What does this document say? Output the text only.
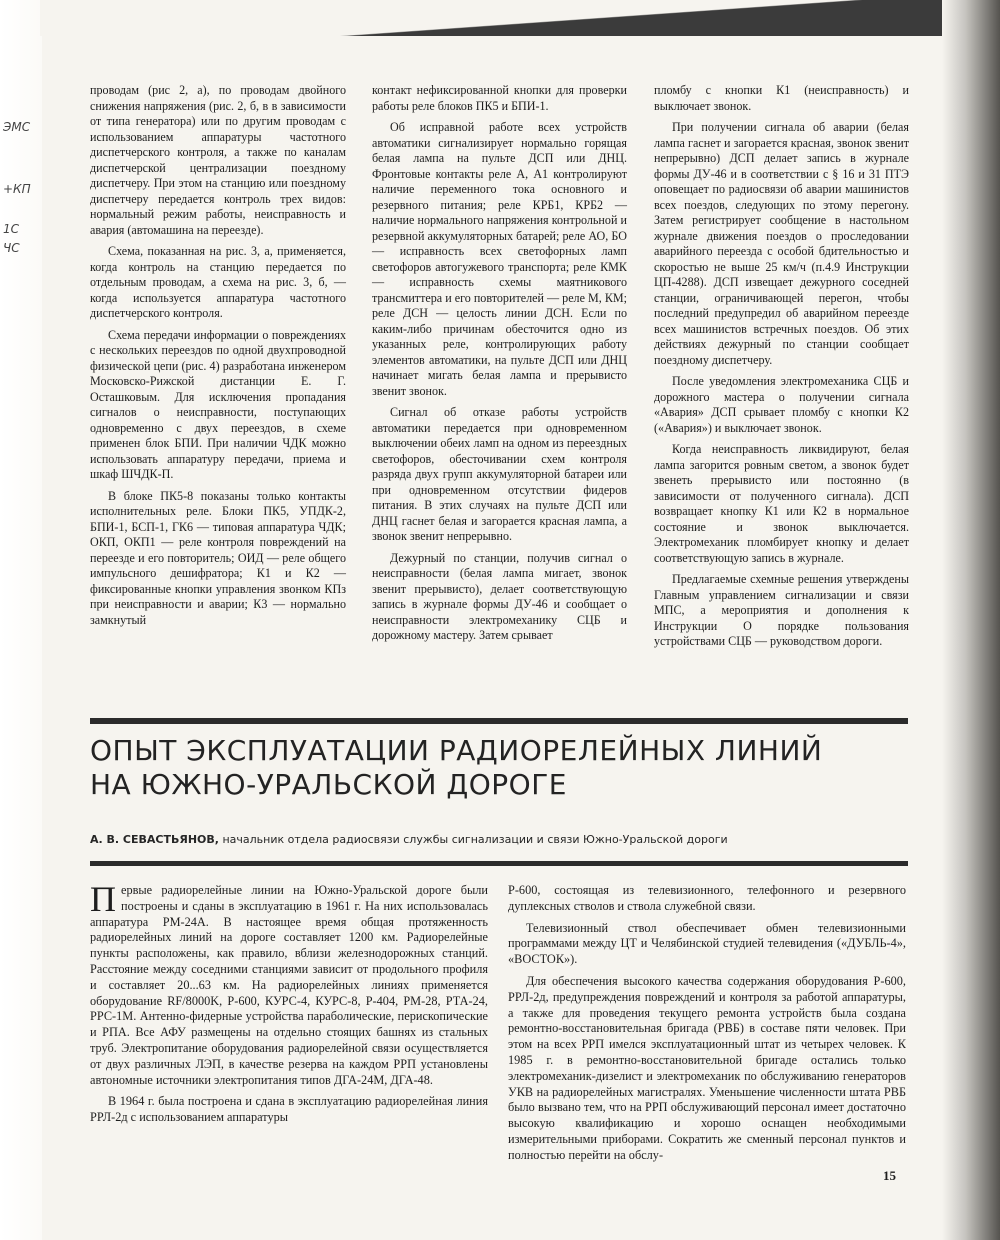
ЭМС
+КП
1С
ЧС

проводам (рис 2, а), по проводам двойного снижения напряжения (рис. 2, б, в в зависимости от типа генератора) или по другим проводам с использованием аппаратуры частотного диспетчерского контроля, а также по каналам диспетчерской централизации поездному диспетчеру. При этом на станцию или поездному диспетчеру передается контроль трех видов: нормальный режим работы, неисправность и авария (автомашина на переезде).

Схема, показанная на рис. 3, а, применяется, когда контроль на станцию передается по отдельным проводам, а схема на рис. 3, б, — когда используется аппаратура частотного диспетчерского контроля.

Схема передачи информации о повреждениях с нескольких переездов по одной двухпроводной физической цепи (рис. 4) разработана инженером Московско-Рижской дистанции Е. Г. Осташковым. Для исключения пропадания сигналов о неисправности, поступающих одновременно с двух переездов, в схеме применен блок БПИ. При наличии ЧДК можно использовать аппаратуру передачи, приема и шкаф ШЧДК-П.

В блоке ПК5-8 показаны только контакты исполнительных реле. Блоки ПК5, УПДК-2, БПИ-1, БСП-1, ГК6 — типовая аппаратура ЧДК; ОКП, ОКП1 — реле контроля повреждений на переезде и его повторитель; ОИД — реле общего импульсного дешифратора; К1 и К2 — фиксированные кнопки управления звонком КПз при неисправности и аварии; К3 — нормально замкнутый

контакт нефиксированной кнопки для проверки работы реле блоков ПК5 и БПИ-1.

Об исправной работе всех устройств автоматики сигнализирует нормально горящая белая лампа на пульте ДСП или ДНЦ. Фронтовые контакты реле А, А1 контролируют наличие переменного тока основного и резервного питания; реле КРБ1, КРБ2 — наличие нормального напряжения контрольной и резервной аккумуляторных батарей; реле АО, БО — исправность всех светофорных ламп светофоров автогужевого транспорта; реле КМК — исправность схемы маятникового трансмиттера и его повторителей — реле М, КМ; реле ДСН — целость линии ДСН. Если по каким-либо причинам обесточится одно из указанных реле, контролирующих работу элементов автоматики, на пульте ДСП или ДНЦ начинает мигать белая лампа и прерывисто звенит звонок.

Сигнал об отказе работы устройств автоматики передается при одновременном выключении обеих ламп на одном из переездных светофоров, обесточивании схем контроля разряда двух групп аккумуляторной батареи или при одновременном отсутствии фидеров питания. В этих случаях на пульте ДСП или ДНЦ гаснет белая и загорается красная лампа, а звонок звенит непрерывно.

Дежурный по станции, получив сигнал о неисправности (белая лампа мигает, звонок звенит прерывисто), делает соответствующую запись в журнале формы ДУ-46 и сообщает о неисправности электромеханику СЦБ и дорожному мастеру. Затем срывает

пломбу с кнопки К1 (неисправность) и выключает звонок.

При получении сигнала об аварии (белая лампа гаснет и загорается красная, звонок звенит непрерывно) ДСП делает запись в журнале формы ДУ-46 и в соответствии с § 16 и 31 ПТЭ оповещает по радиосвязи об аварии машинистов всех поездов, следующих по этому перегону. Затем регистрирует сообщение в настольном журнале движения поездов о проследовании аварийного переезда с особой бдительностью и скоростью не выше 25 км/ч (п.4.9 Инструкции ЦП-4288). ДСП извещает дежурного соседней станции, ограничивающей перегон, чтобы последний предупредил об аварийном переезде всех машинистов встречных поездов. Об этих действиях дежурный по станции сообщает поездному диспетчеру.

После уведомления электромеханика СЦБ и дорожного мастера о получении сигнала «Авария» ДСП срывает пломбу с кнопки К2 («Авария») и выключает звонок.

Когда неисправность ликвидируют, белая лампа загорится ровным светом, а звонок будет звенеть прерывисто или постоянно (в зависимости от полученного сигнала). ДСП возвращает кнопку К1 или К2 в нормальное состояние и звонок выключается. Электромеханик пломбирует кнопку и делает соответствующую запись в журнале.

Предлагаемые схемные решения утверждены Главным управлением сигнализации и связи МПС, а мероприятия и дополнения к Инструкции О порядке пользования устройствами СЦБ — руководством дороги.

ОПЫТ ЭКСПЛУАТАЦИИ РАДИОРЕЛЕЙНЫХ ЛИНИЙ
НА ЮЖНО-УРАЛЬСКОЙ ДОРОГЕ
А. В. СЕВАСТЬЯНОВ, начальник отдела радиосвязи службы сигнализации и связи Южно-Уральской дороги

Первые радиорелейные линии на Южно-Уральской дороге были построены и сданы в эксплуатацию в 1961 г. На них использовалась аппаратура РМ-24А. В настоящее время общая протяженность радиорелейных линий на дороге составляет 1200 км. Радиорелейные пункты расположены, как правило, вблизи железнодорожных станций. Расстояние между соседними станциями зависит от продольного профиля и составляет 20...63 км. На радиорелейных линиях применяется оборудование RF/8000K, Р-600, КУРС-4, КУРС-8, Р-404, РМ-28, РТА-24, РРС-1М. Антенно-фидерные устройства параболические, перископические и РПА. Все АФУ размещены на отдельно стоящих башнях из стальных труб. Электропитание оборудования радиорелейной связи осуществляется от двух различных ЛЭП, в качестве резерва на каждом РРП установлены автономные источники электропитания типов ДГА-24М, ДГА-48.

В 1964 г. была построена и сдана в эксплуатацию радиорелейная линия РРЛ-2д с использованием аппаратуры

Р-600, состоящая из телевизионного, телефонного и резервного дуплексных стволов и ствола служебной связи.

Телевизионный ствол обеспечивает обмен телевизионными программами между ЦТ и Челябинской студией телевидения («ДУБЛЬ-4», «ВОСТОК»).

Для обеспечения высокого качества содержания оборудования Р-600, РРЛ-2д, предупреждения повреждений и контроля за работой аппаратуры, а также для проведения текущего ремонта устройств была создана ремонтно-восстановительная бригада (РВБ) в составе пяти человек. При этом на всех РРП имелся эксплуатационный штат из четырех человек. К 1985 г. в ремонтно-восстановительной бригаде остались только электромеханик-дизелист и электромеханик по обслуживанию генераторов УКВ на радиорелейных магистралях. Уменьшение численности штата РВБ было вызвано тем, что на РРП обслуживающий персонал имеет достаточно высокую квалификацию и хорошо оснащен необходимыми измерительными приборами. Сократить же сменный персонал пунктов и полностью перейти на обслу-

15
